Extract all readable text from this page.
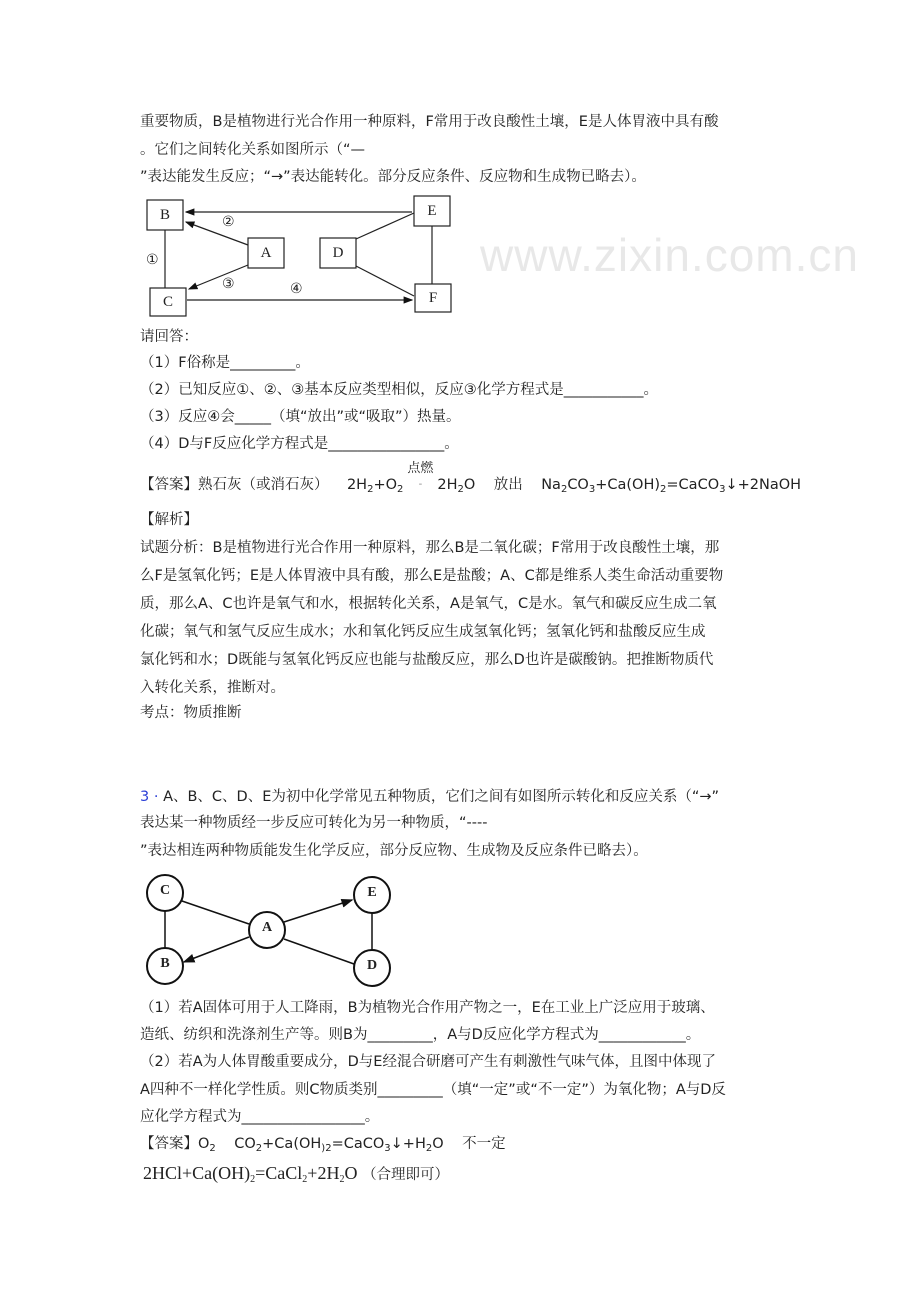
www.zixin.com.cn
重要物质，B是植物进行光合作用一种原料，F常用于改良酸性土壤，E是人体胃液中具有酸
。它们之间转化关系如图所示（“—
”表达能发生反应；“→”表达能转化。部分反应条件、反应物和生成物已略去）。
B	E
A	D
C	F
②
①
③	④
请回答：
（1）F俗称是_________。
（2）已知反应①、②、③基本反应类型相似，反应③化学方程式是___________。
（3）反应④会_____（填“放出”或“吸取”）热量。
（4）D与F反应化学方程式是________________。
【答案】熟石灰（或消石灰） $2H_2+O_2$
点燃
- $2H_2O$ 放出 $Na_2CO_3+Ca(OH)_2=CaCO_3↓+2NaOH$
【解析】
试题分析：B是植物进行光合作用一种原料，那么B是二氧化碳；F常用于改良酸性土壤，那
么F是氢氧化钙；E是人体胃液中具有酸，那么E是盐酸；A、C都是维系人类生命活动重要物
质，那么A、C也许是氧气和水，根据转化关系，A是氧气，C是水。氧气和碳反应生成二氧
化碳；氧气和氢气反应生成水；水和氧化钙反应生成氢氧化钙；氢氧化钙和盐酸反应生成
氯化钙和水；D既能与氢氧化钙反应也能与盐酸反应，那么D也许是碳酸钠。把推断物质代
入转化关系，推断对。
考点：物质推断
3 · A、B、C、D、E为初中化学常见五种物质，它们之间有如图所示转化和反应关系（“→”
表达某一种物质经一步反应可转化为另一种物质，“----
”表达相连两种物质能发生化学反应，部分反应物、生成物及反应条件已略去）。
C	E
A
B	D
（1）若A固体可用于人工降雨，B为植物光合作用产物之一，E在工业上广泛应用于玻璃、
造纸、纺织和洗涤剂生产等。则B为_________，A与D反应化学方程式为____________。
（2）若A为人体胃酸重要成分，D与E经混合研磨可产生有刺激性气味气体，且图中体现了
A四种不一样化学性质。则C物质类别_________（填“一定”或“不一定”）为氧化物；A与D反
应化学方程式为_________________。
【答案】$O_2$ $CO_2+Ca(OH_{)2}=CaCO_3↓+H_2O$ 不一定
$2HCl+Ca(OH)_2=CaCl_2+2H_2O$ （合理即可）
